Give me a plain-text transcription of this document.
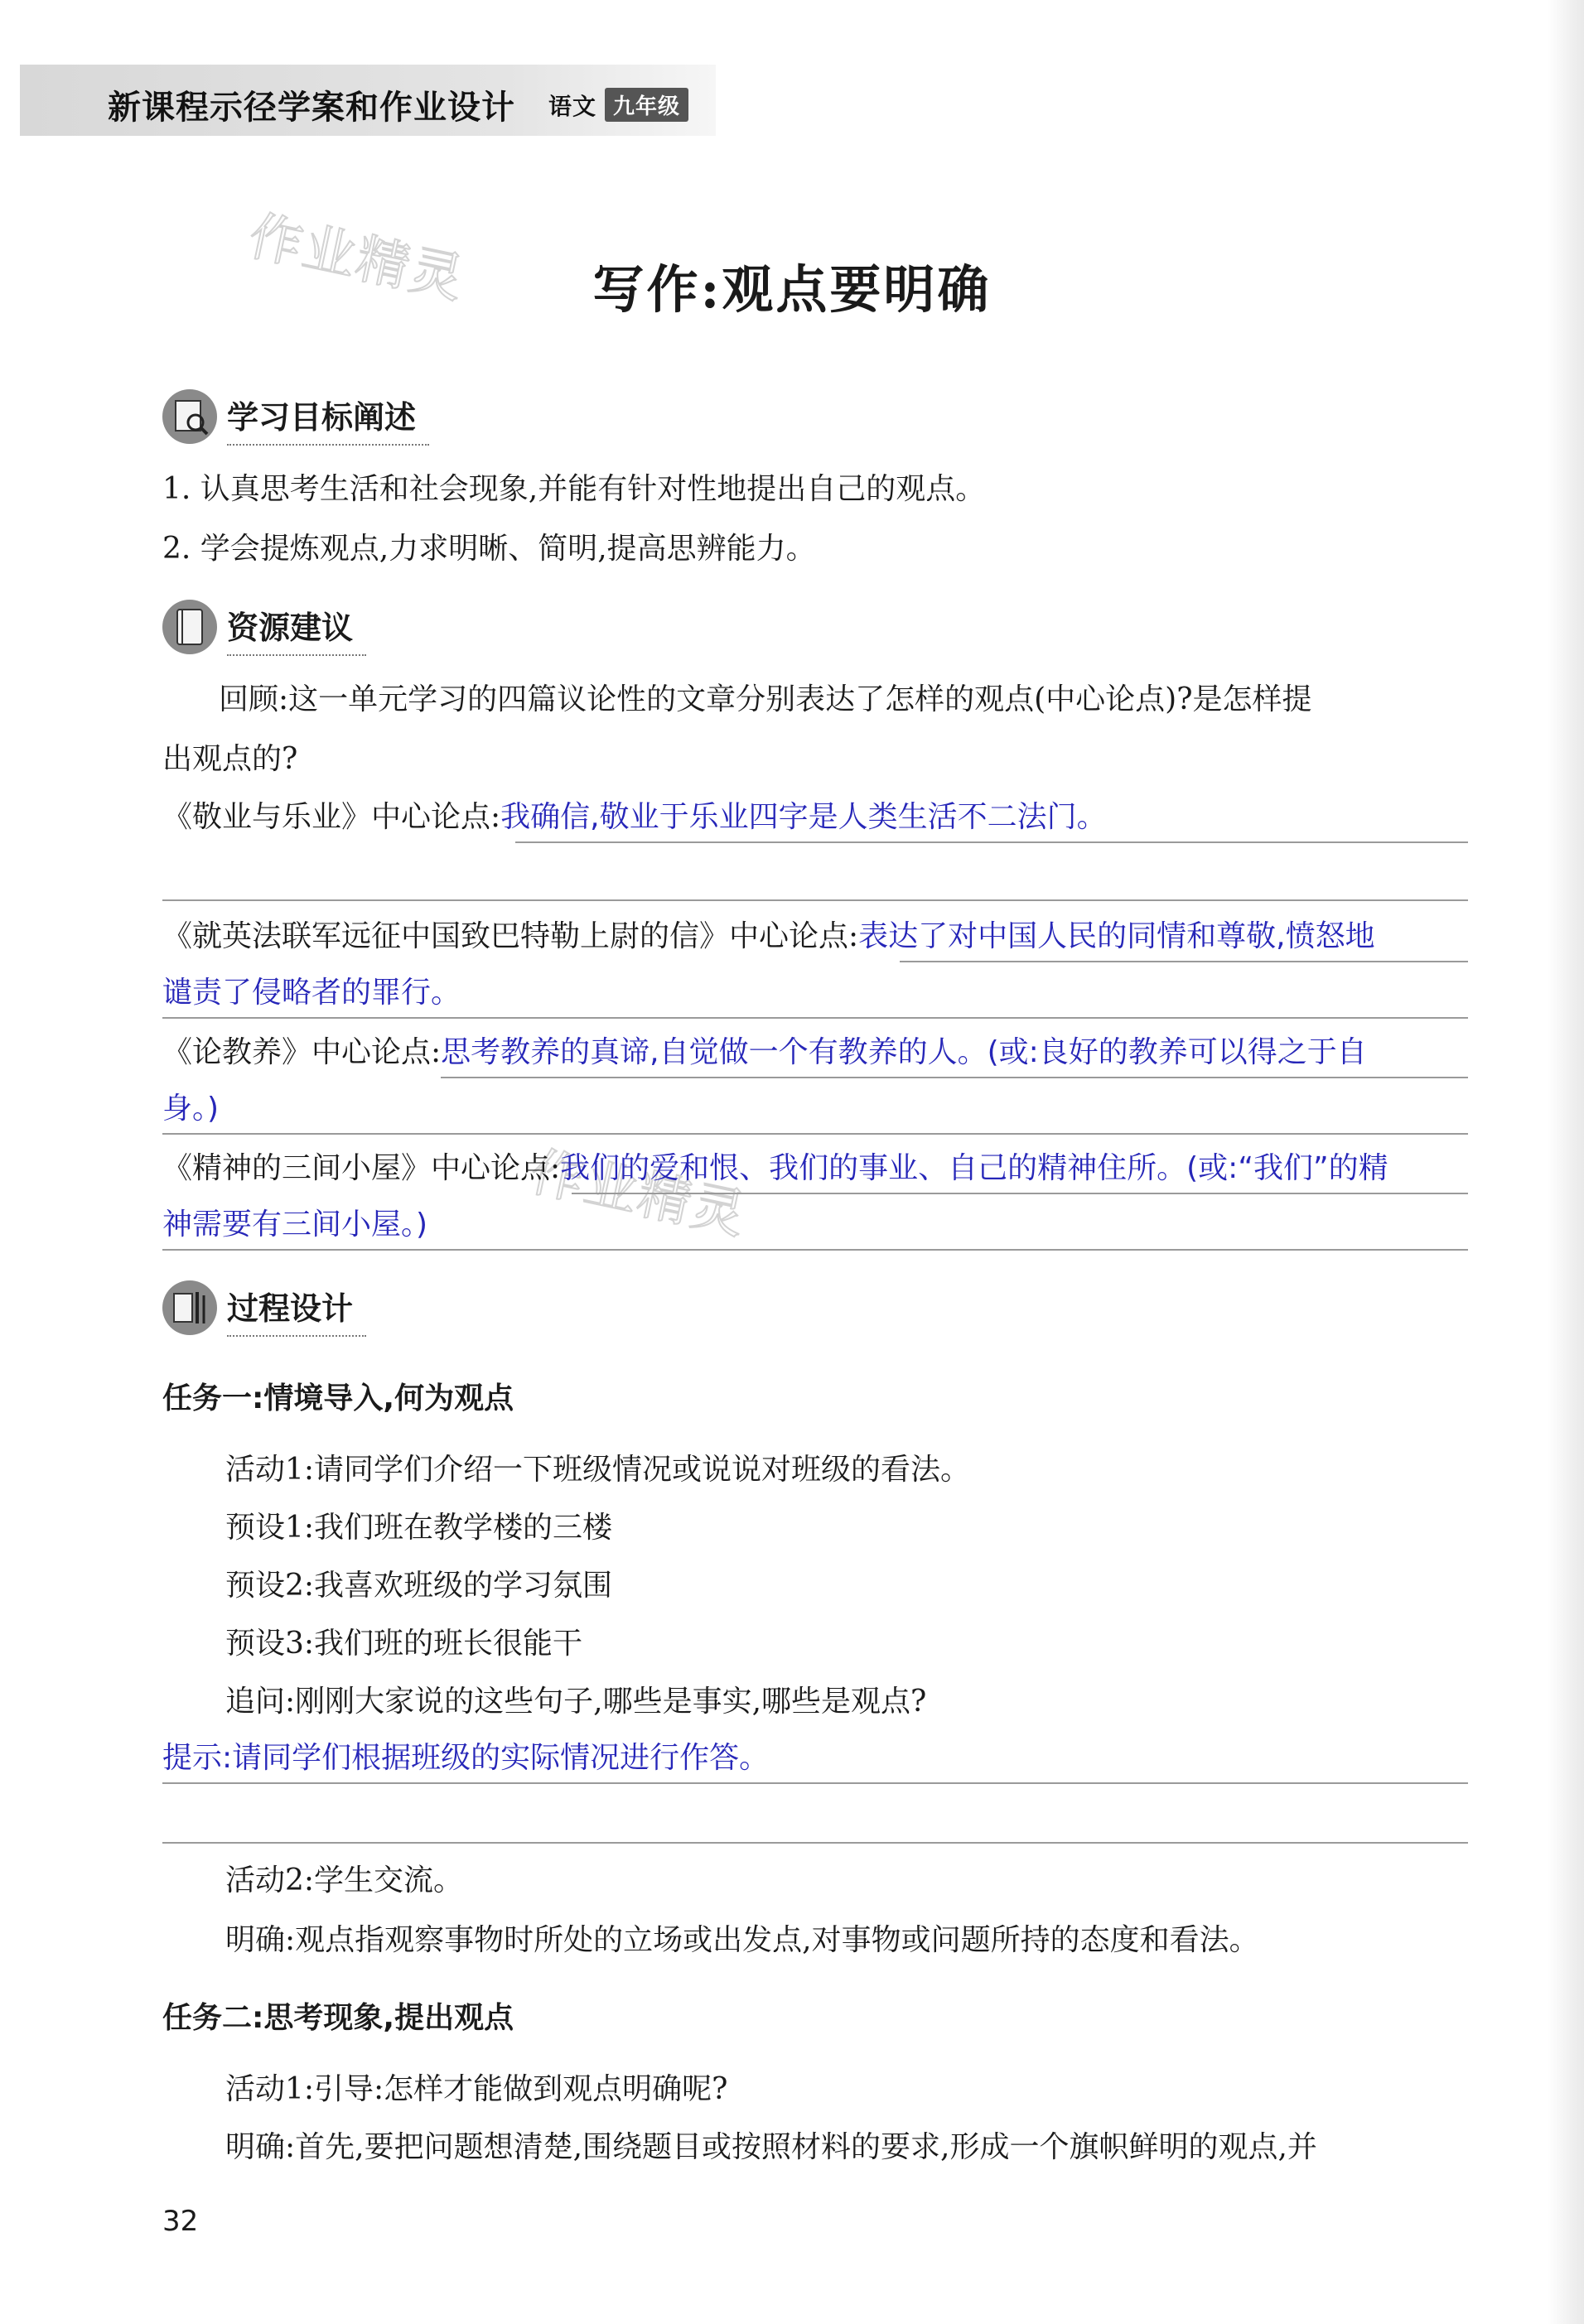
新课程示径学案和作业设计 语文 九年级
作业精灵
作业精灵
写作:观点要明确
学习目标阐述
1. 认真思考生活和社会现象,并能有针对性地提出自己的观点。
2. 学会提炼观点,力求明晰、简明,提高思辨能力。
资源建议
回顾:这一单元学习的四篇议论性的文章分别表达了怎样的观点(中心论点)?是怎样提
出观点的?
《敬业与乐业》中心论点:我确信,敬业于乐业四字是人类生活不二法门。
《就英法联军远征中国致巴特勒上尉的信》中心论点:表达了对中国人民的同情和尊敬,愤怒地
谴责了侵略者的罪行。
《论教养》中心论点:思考教养的真谛,自觉做一个有教养的人。(或:良好的教养可以得之于自
身。)
《精神的三间小屋》中心论点:我们的爱和恨、我们的事业、自己的精神住所。(或:“我们”的精
神需要有三间小屋。)
过程设计
任务一:情境导入,何为观点
活动1:请同学们介绍一下班级情况或说说对班级的看法。
预设1:我们班在教学楼的三楼
预设2:我喜欢班级的学习氛围
预设3:我们班的班长很能干
追问:刚刚大家说的这些句子,哪些是事实,哪些是观点?
提示:请同学们根据班级的实际情况进行作答。
活动2:学生交流。
明确:观点指观察事物时所处的立场或出发点,对事物或问题所持的态度和看法。
任务二:思考现象,提出观点
活动1:引导:怎样才能做到观点明确呢?
明确:首先,要把问题想清楚,围绕题目或按照材料的要求,形成一个旗帜鲜明的观点,并
32
